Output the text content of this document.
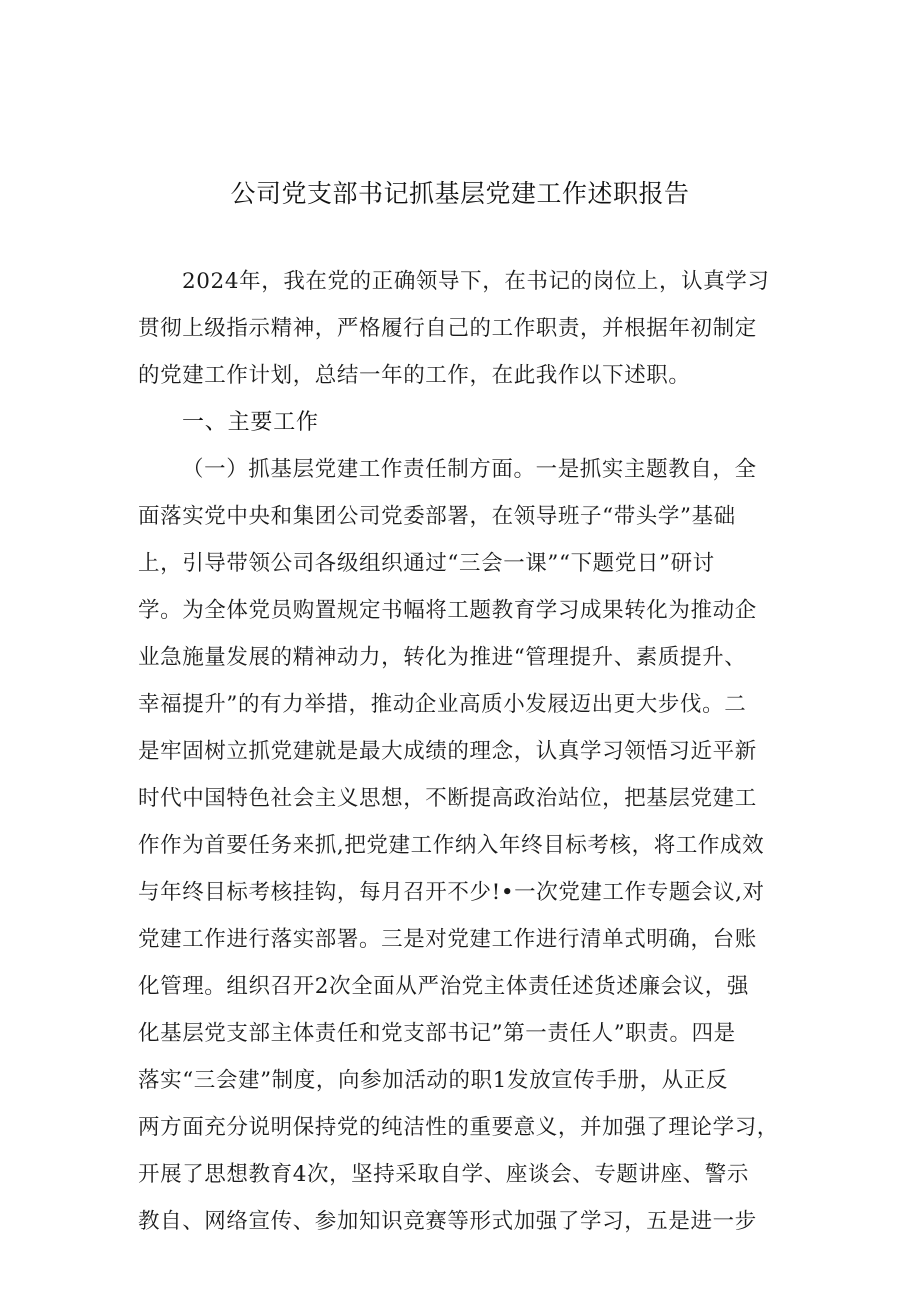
公司党支部书记抓基层党建工作述职报告
2024年，我在党的正确领导下，在书记的岗位上，认真学习
贯彻上级指示精神，严格履行自己的工作职责，并根据年初制定
的党建工作计划，总结一年的工作，在此我作以下述职。
一、主要工作
（一）抓基层党建工作责任制方面。一是抓实主题教自，全
面落实党中央和集团公司党委部署，在领导班子“带头学”基础
上，引导带领公司各级组织通过“三会一课”“下题党日”研讨
学。为全体党员购置规定书幅将工题教育学习成果转化为推动企
业急施量发展的精神动力，转化为推进“管理提升、素质提升、
幸福提升”的有力举措，推动企业高质小发屐迈出更大步伐。二
是牢固树立抓党建就是最大成绩的理念，认真学习领悟习近平新
时代中国特色社会主义思想，不断提高政治站位，把基层党建工
作作为首要任务来抓,把党建工作纳入年终目标考核，将工作成效
与年终目标考核挂钩，每月召开不少!•一次党建工作专题会议,对
党建工作进行落实部署。三是对党建工作进行清单式明确，台账
化管理。组织召开2次全面从严治党主体责任述货述廉会议，强
化基层党支部主体责任和党支部书记”第一责任人”职责。四是
落实“三会建”制度，向参加活动的职1发放宣传手册，从正反
两方面充分说明保持党的纯洁性的重要意义，并加强了理论学习，
开展了思想教育4次，坚持采取自学、座谈会、专题讲座、警示
教自、网络宣传、参加知识竞赛等形式加强了学习，五是进一步
